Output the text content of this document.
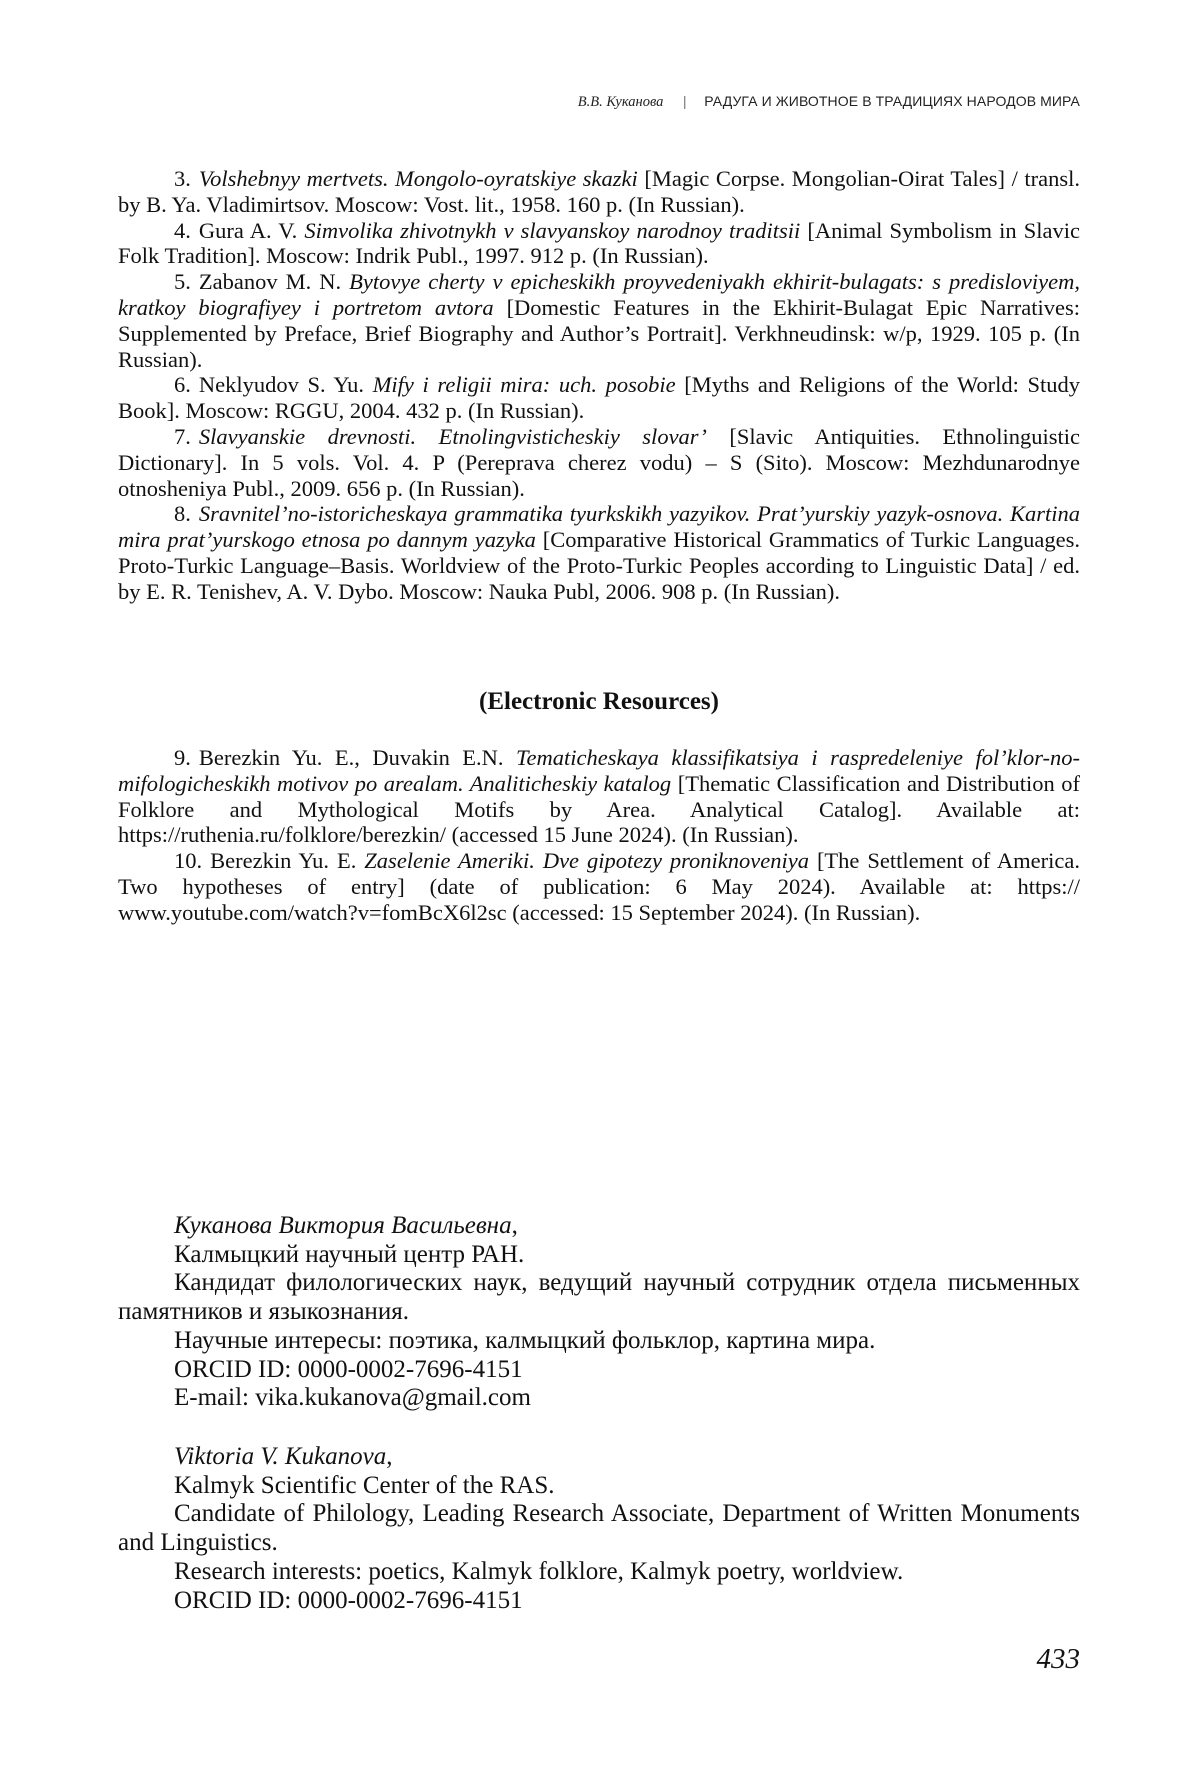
В.В. Куканова | РАДУГА И ЖИВОТНОЕ В ТРАДИЦИЯХ НАРОДОВ МИРА

3. Volshebnyy mertvets. Mongolo-oyratskiye skazki [Magic Corpse. Mongolian-Oirat Tales] / transl. by B. Ya. Vladimirtsov. Moscow: Vost. lit., 1958. 160 p. (In Russian).

4. Gura A. V. Simvolika zhivotnykh v slavyanskoy narodnoy traditsii [Animal Symbolism in Slavic Folk Tradition]. Moscow: Indrik Publ., 1997. 912 p. (In Russian).

5. Zabanov M. N. Bytovye cherty v epicheskikh proyvedeniyakh ekhirit-bulagats: s predisloviyem, kratkoy biografiyey i portretom avtora [Domestic Features in the Ekhirit-Bulagat Epic Narratives: Supplemented by Preface, Brief Biography and Author’s Portrait]. Verkhneudinsk: w/p, 1929. 105 p. (In Russian).

6. Neklyudov S. Yu. Mify i religii mira: uch. posobie [Myths and Religions of the World: Study Book]. Moscow: RGGU, 2004. 432 p. (In Russian).

7. Slavyanskie drevnosti. Etnolingvisticheskiy slovar’ [Slavic Antiquities. Ethnolinguistic Dictionary]. In 5 vols. Vol. 4. P (Pereprava cherez vodu) – S (Sito). Moscow: Mezhdunarodnye otnosheniya Publ., 2009. 656 p. (In Russian).

8. Sravnitel’no-istoricheskaya grammatika tyurkskikh yazyikov. Prat’yurskiy yazyk-osnova. Kartina mira prat’yurskogo etnosa po dannym yazyka [Comparative Historical Grammatics of Turkic Languages. Proto-Turkic Language–Basis. Worldview of the Proto-Turkic Peoples according to Linguistic Data] / ed. by E. R. Tenishev, A. V. Dybo. Moscow: Nauka Publ, 2006. 908 p. (In Russian).

(Electronic Resources)

9. Berezkin Yu. E., Duvakin E.N. Tematicheskaya klassifikatsiya i raspredeleniye fol’klor-no-mifologicheskikh motivov po arealam. Analiticheskiy katalog [Thematic Classification and Distribution of Folklore and Mythological Motifs by Area. Analytical Catalog]. Available at: https://ruthenia.ru/folklore/berezkin/ (accessed 15 June 2024). (In Russian).

10. Berezkin Yu. E. Zaselenie Ameriki. Dve gipotezy proniknoveniya [The Settlement of America. Two hypotheses of entry] (date of publication: 6 May 2024). Available at: https:// www.youtube.com/watch?v=fomBcX6l2sc (accessed: 15 September 2024). (In Russian).

Куканова Виктория Васильевна,

Калмыцкий научный центр РАН.

Кандидат филологических наук, ведущий научный сотрудник отдела письменных памятников и языкознания.

Научные интересы: поэтика, калмыцкий фольклор, картина мира.

ORCID ID: 0000-0002-7696-4151

E-mail: vika.kukanova@gmail.com

Viktoria V. Kukanova,

Kalmyk Scientific Center of the RAS.

Candidate of Philology, Leading Research Associate, Department of Written Monuments and Linguistics.

Research interests: poetics, Kalmyk folklore, Kalmyk poetry, worldview.

ORCID ID: 0000-0002-7696-4151

433
